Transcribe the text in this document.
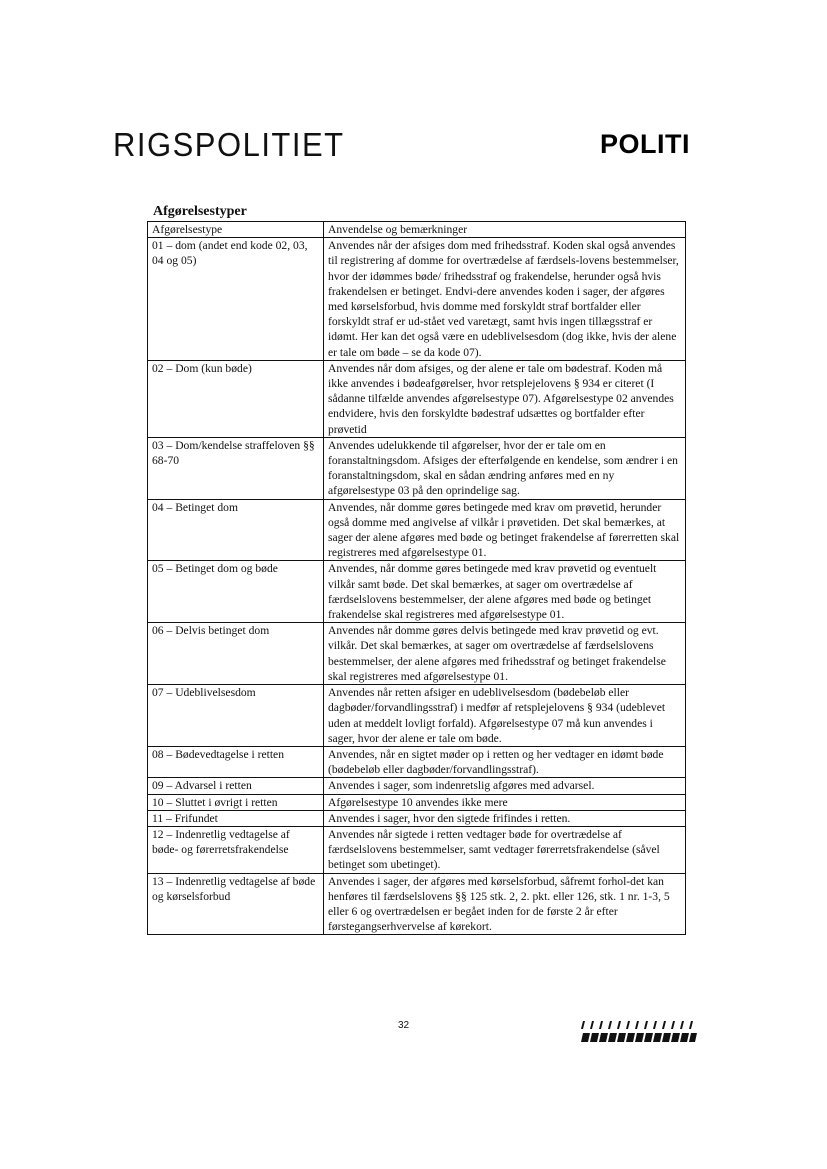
RIGSPOLITIET	POLITI
Afgørelsestyper
Afgørelsestype	Anvendelse og bemærkninger
01 – dom (andet end kode 02, 03, 04 og 05)	Anvendes når der afsiges dom med frihedsstraf. Koden skal også anvendes til registrering af domme for overtrædelse af færdsels-lovens bestemmelser, hvor der idømmes bøde/ frihedsstraf og frakendelse, herunder også hvis frakendelsen er betinget. Endvi-dere anvendes koden i sager, der afgøres med kørselsforbud, hvis domme med forskyldt straf bortfalder eller forskyldt straf er ud-stået ved varetægt, samt hvis ingen tillægsstraf er idømt. Her kan det også være en udeblivelsesdom (dog ikke, hvis der alene er tale om bøde – se da kode 07).
02 – Dom (kun bøde)	Anvendes når dom afsiges, og der alene er tale om bødestraf. Koden må ikke anvendes i bødeafgørelser, hvor retsplejelovens § 934 er citeret (I sådanne tilfælde anvendes afgørelsestype 07). Afgørelsestype 02 anvendes endvidere, hvis den forskyldte bødestraf udsættes og bortfalder efter prøvetid
03 – Dom/kendelse straffeloven §§ 68-70	Anvendes udelukkende til afgørelser, hvor der er tale om en foranstaltningsdom. Afsiges der efterfølgende en kendelse, som ændrer i en foranstaltningsdom, skal en sådan ændring anføres med en ny afgørelsestype 03 på den oprindelige sag.
04 – Betinget dom	Anvendes, når domme gøres betingede med krav om prøvetid, herunder også domme med angivelse af vilkår i prøvetiden. Det skal bemærkes, at sager der alene afgøres med bøde og betinget frakendelse af førerretten skal registreres med afgørelsestype 01.
05 – Betinget dom og bøde	Anvendes, når domme gøres betingede med krav prøvetid og eventuelt vilkår samt bøde. Det skal bemærkes, at sager om overtrædelse af færdselslovens bestemmelser, der alene afgøres med bøde og betinget frakendelse skal registreres med afgørelsestype 01.
06 – Delvis betinget dom	Anvendes når domme gøres delvis betingede med krav prøvetid og evt. vilkår. Det skal bemærkes, at sager om overtrædelse af færdselslovens bestemmelser, der alene afgøres med frihedsstraf og betinget frakendelse skal registreres med afgørelsestype 01.
07 – Udeblivelsesdom	Anvendes når retten afsiger en udeblivelsesdom (bødebeløb eller dagbøder/forvandlingsstraf) i medfør af retsplejelovens § 934 (udeblevet uden at meddelt lovligt forfald). Afgørelsestype 07 må kun anvendes i sager, hvor der alene er tale om bøde.
08 – Bødevedtagelse i retten	Anvendes, når en sigtet møder op i retten og her vedtager en idømt bøde (bødebeløb eller dagbøder/forvandlingsstraf).
09 – Advarsel i retten	Anvendes i sager, som indenretslig afgøres med advarsel.
10 – Sluttet i øvrigt i retten	Afgørelsestype 10 anvendes ikke mere
11 – Frifundet	Anvendes i sager, hvor den sigtede frifindes i retten.
12 – Indenretlig vedtagelse af bøde- og førerretsfrakendelse	Anvendes når sigtede i retten vedtager bøde for overtrædelse af færdselslovens bestemmelser, samt vedtager førerretsfrakendelse (såvel betinget som ubetinget).
13 – Indenretlig vedtagelse af bøde og kørselsforbud	Anvendes i sager, der afgøres med kørselsforbud, såfremt forhol-det kan henføres til færdselslovens §§ 125 stk. 2, 2. pkt. eller 126, stk. 1 nr. 1-3, 5 eller 6 og overtrædelsen er begået inden for de første 2 år efter førstegangserhvervelse af kørekort.
32
